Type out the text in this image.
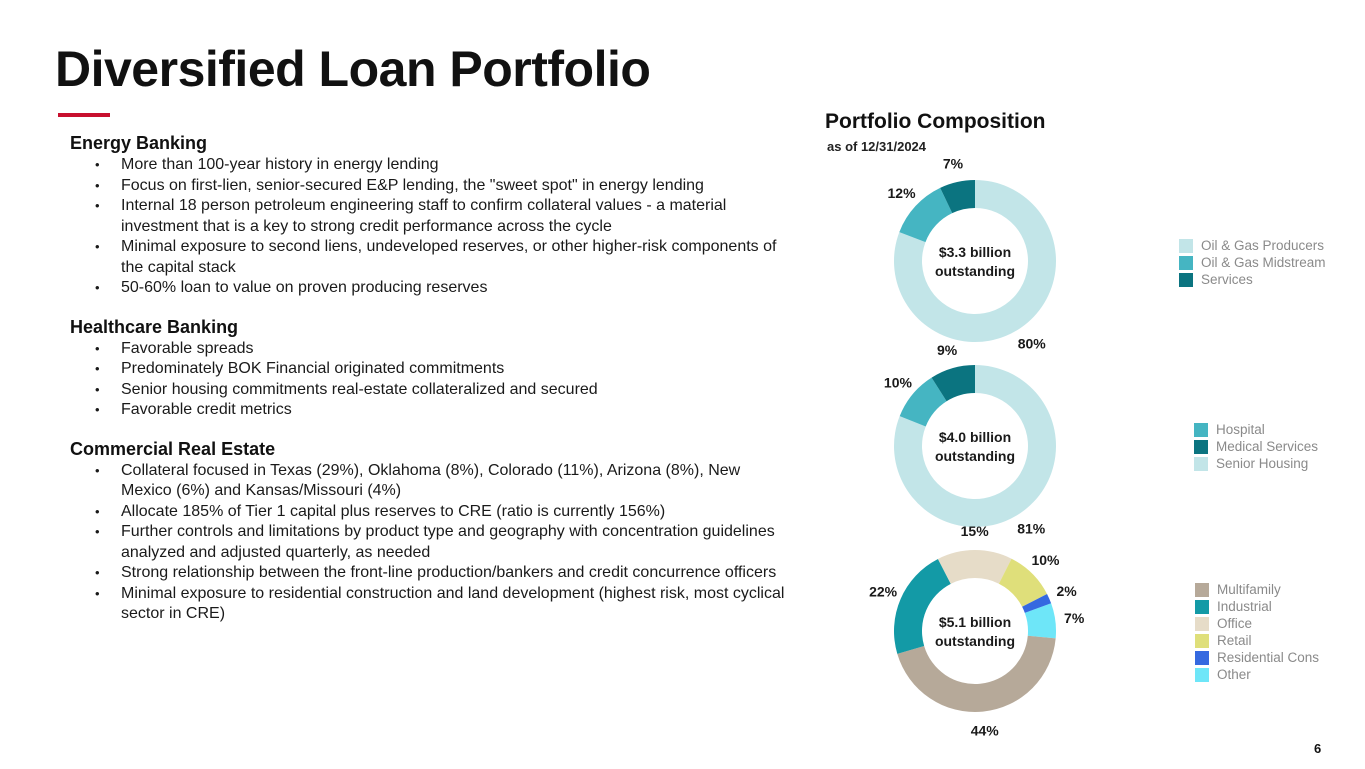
Diversified Loan Portfolio
Energy Banking
• More than 100-year history in energy lending
• Focus on first-lien, senior-secured E&P lending, the "sweet spot" in energy lending
• Internal 18 person petroleum engineering staff to confirm collateral values - a material investment that is a key to strong credit performance across the cycle
• Minimal exposure to second liens, undeveloped reserves, or other higher-risk components of the capital stack
• 50-60% loan to value on proven producing reserves
Healthcare Banking
• Favorable spreads
• Predominately BOK Financial originated commitments
• Senior housing commitments real-estate collateralized and secured
• Favorable credit metrics
Commercial Real Estate
• Collateral focused in Texas (29%), Oklahoma (8%), Colorado (11%), Arizona (8%), New Mexico (6%) and Kansas/Missouri (4%)
• Allocate 185% of Tier 1 capital plus reserves to CRE (ratio is currently 156%)
• Further controls and limitations by product type and geography with concentration guidelines analyzed and adjusted quarterly, as needed
• Strong relationship between the front-line production/bankers and credit concurrence officers
• Minimal exposure to residential construction and land development (highest risk, most cyclical sector in CRE)
Portfolio Composition
as of 12/31/2024
80%
12%
7%
$3.3 billion
outstanding
81%
10%
9%
$4.0 billion
outstanding
7%
44%
22%
15%
10%
2%
$5.1 billion
outstanding
Oil & Gas Producers
Oil & Gas Midstream
Services
Hospital
Medical Services
Senior Housing
Multifamily
Industrial
Office
Retail
Residential Cons
Other
6
